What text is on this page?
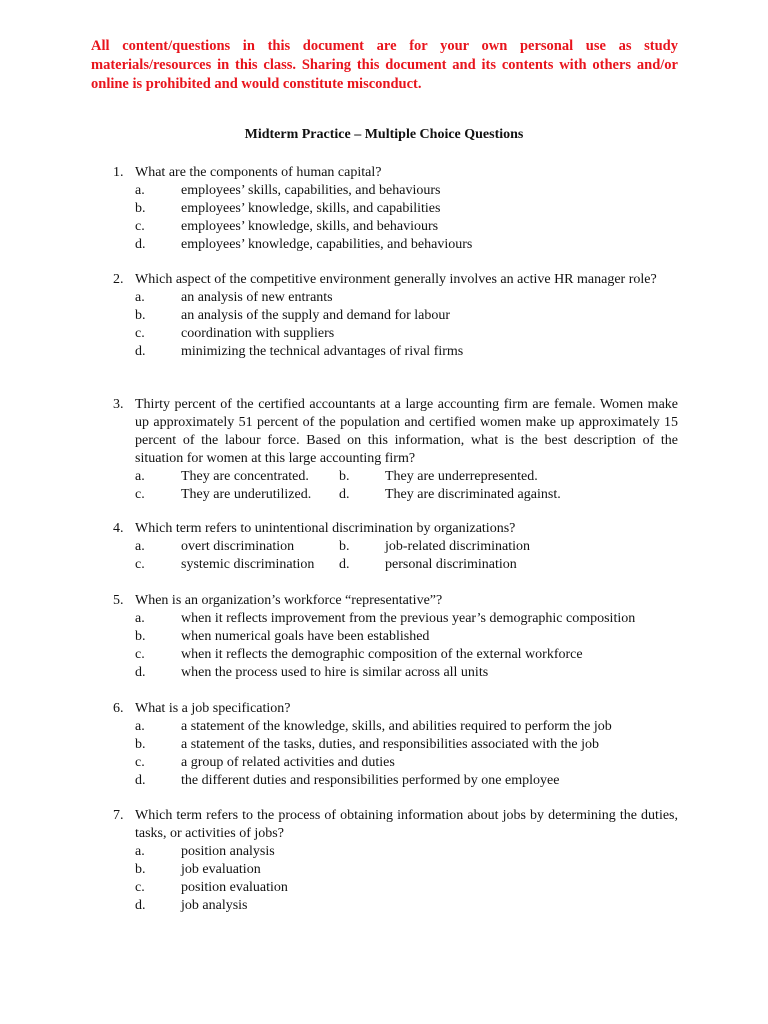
All content/questions in this document are for your own personal use as study materials/resources in this class. Sharing this document and its contents with others and/or online is prohibited and would constitute misconduct.
Midterm Practice – Multiple Choice Questions
1. What are the components of human capital?
a.	employees’ skills, capabilities, and behaviours
b.	employees’ knowledge, skills, and capabilities
c.	employees’ knowledge, skills, and behaviours
d.	employees’ knowledge, capabilities, and behaviours
2. Which aspect of the competitive environment generally involves an active HR manager role?
a.	an analysis of new entrants
b.	an analysis of the supply and demand for labour
c.	coordination with suppliers
d.	minimizing the technical advantages of rival firms
3. Thirty percent of the certified accountants at a large accounting firm are female. Women make up approximately 51 percent of the population and certified women make up approximately 15 percent of the labour force. Based on this information, what is the best description of the situation for women at this large accounting firm?
a.	They are concentrated.	b.	They are underrepresented.
c.	They are underutilized.	d.	They are discriminated against.
4. Which term refers to unintentional discrimination by organizations?
a.	overt discrimination	b.	job-related discrimination
c.	systemic discrimination	d.	personal discrimination
5. When is an organization’s workforce “representative”?
a.	when it reflects improvement from the previous year’s demographic composition
b.	when numerical goals have been established
c.	when it reflects the demographic composition of the external workforce
d.	when the process used to hire is similar across all units
6. What is a job specification?
a.	a statement of the knowledge, skills, and abilities required to perform the job
b.	a statement of the tasks, duties, and responsibilities associated with the job
c.	a group of related activities and duties
d.	the different duties and responsibilities performed by one employee
7. Which term refers to the process of obtaining information about jobs by determining the duties, tasks, or activities of jobs?
a.	position analysis
b.	job evaluation
c.	position evaluation
d.	job analysis
